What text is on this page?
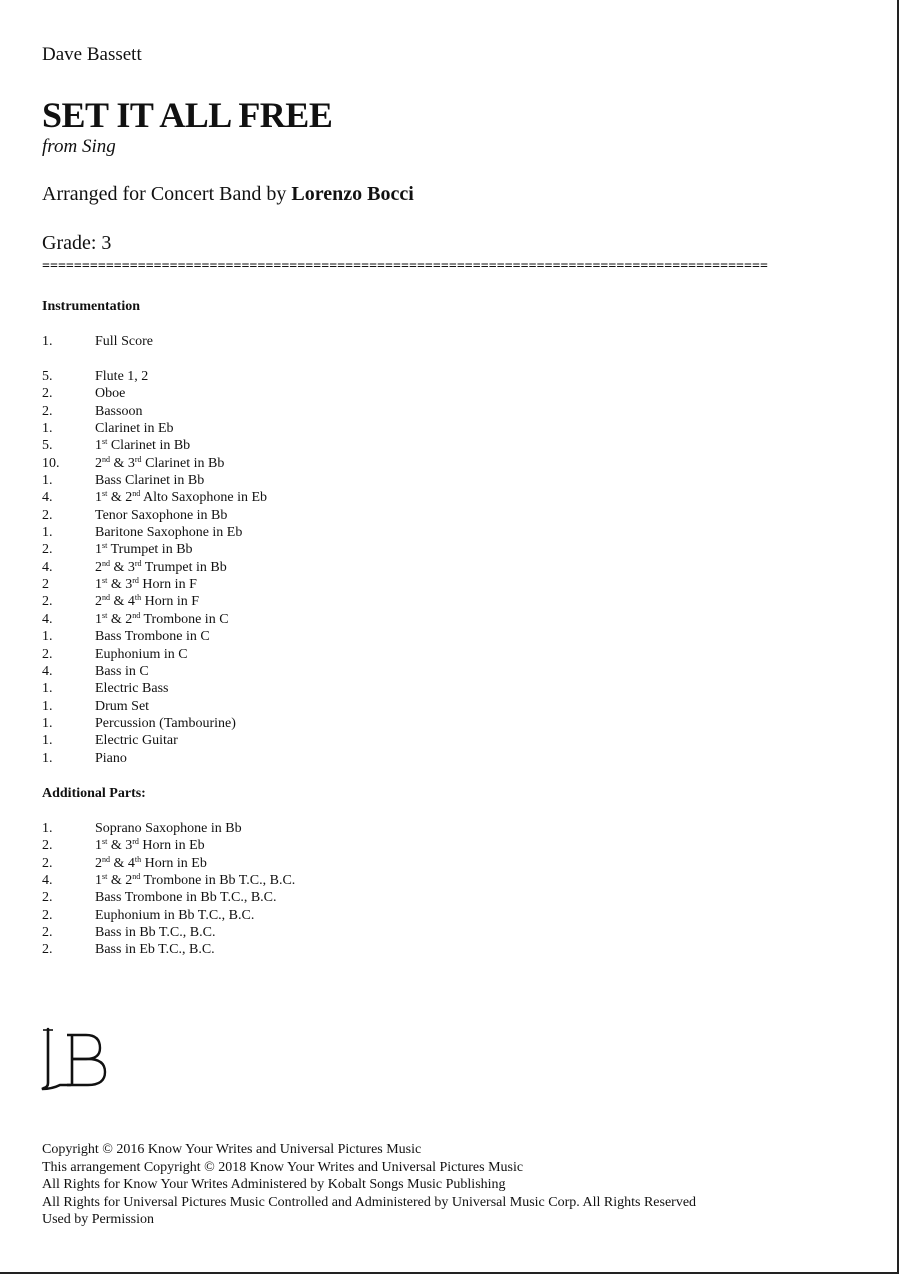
Dave Bassett
SET IT ALL FREE
from Sing
Arranged for Concert Band by Lorenzo Bocci
Grade: 3
===========================================================================================
Instrumentation
1.	Full Score
5.	Flute 1, 2
2.	Oboe
2.	Bassoon
1.	Clarinet in Eb
5.	1st Clarinet in Bb
10.	2nd & 3rd Clarinet in Bb
1.	Bass Clarinet in Bb
4.	1st & 2nd Alto Saxophone in Eb
2.	Tenor Saxophone in Bb
1.	Baritone Saxophone in Eb
2.	1st Trumpet in Bb
4.	2nd & 3rd Trumpet in Bb
2	1st & 3rd Horn in F
2.	2nd & 4th Horn in F
4.	1st & 2nd Trombone in C
1.	Bass Trombone in C
2.	Euphonium in C
4.	Bass in C
1.	Electric Bass
1.	Drum Set
1.	Percussion (Tambourine)
1.	Electric Guitar
1.	Piano
Additional Parts:
1.	Soprano Saxophone in Bb
2.	1st & 3rd Horn in Eb
2.	2nd & 4th Horn in Eb
4.	1st & 2nd Trombone in Bb T.C., B.C.
2.	Bass Trombone in Bb T.C., B.C.
2.	Euphonium in Bb T.C., B.C.
2.	Bass in Bb T.C., B.C.
2.	Bass in Eb T.C., B.C.
Copyright © 2016 Know Your Writes and Universal Pictures Music
This arrangement Copyright © 2018 Know Your Writes and Universal Pictures Music
All Rights for Know Your Writes Administered by Kobalt Songs Music Publishing
All Rights for Universal Pictures Music Controlled and Administered by Universal Music Corp. All Rights Reserved
Used by Permission
